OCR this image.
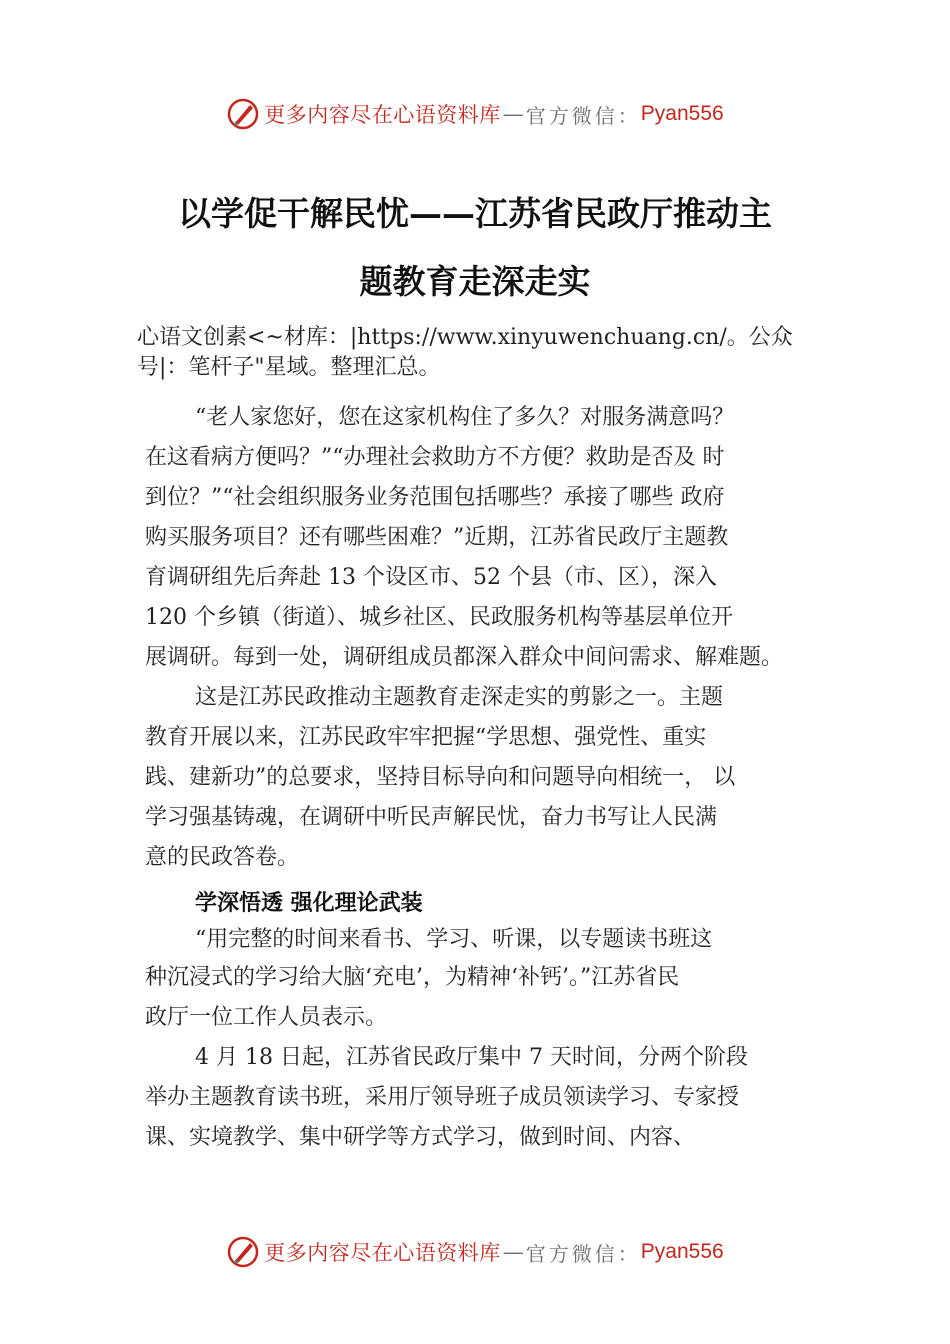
更多内容尽在心语资料库 — 官方微信： Pyan556
以学促干解民忧——江苏省民政厅推动主
题教育走深走实
心语文创素<~材库：|https://www.xinyuwenchuang.cn/。公众
号|：笔杆子"星域。整理汇总。
“老人家您好，您在这家机构住了多久？对服务满意吗？
在这看病方便吗？”“办理社会救助方不方便？救助是否及 时
到位？”“社会组织服务业务范围包括哪些？承接了哪些 政府
购买服务项目？还有哪些困难？”近期，江苏省民政厅主题教
育调研组先后奔赴 13 个设区市、52 个县（市、区），深入
120 个乡镇（街道）、城乡社区、民政服务机构等基层单位开
展调研。每到一处，调研组成员都深入群众中间问需求、解难题。
这是江苏民政推动主题教育走深走实的剪影之一。主题
教育开展以来，江苏民政牢牢把握“学思想、强党性、重实
践、建新功”的总要求，坚持目标导向和问题导向相统一， 以
学习强基铸魂，在调研中听民声解民忧，奋力书写让人民满
意的民政答卷。
学深悟透 强化理论武装
“用完整的时间来看书、学习、听课，以专题读书班这
种沉浸式的学习给大脑‘充电’，为精神‘补钙’。”江苏省民
政厅一位工作人员表示。
4 月 18 日起，江苏省民政厅集中 7 天时间，分两个阶段
举办主题教育读书班，采用厅领导班子成员领读学习、专家授
课、实境教学、集中研学等方式学习，做到时间、内容、
更多内容尽在心语资料库 — 官方微信： Pyan556
